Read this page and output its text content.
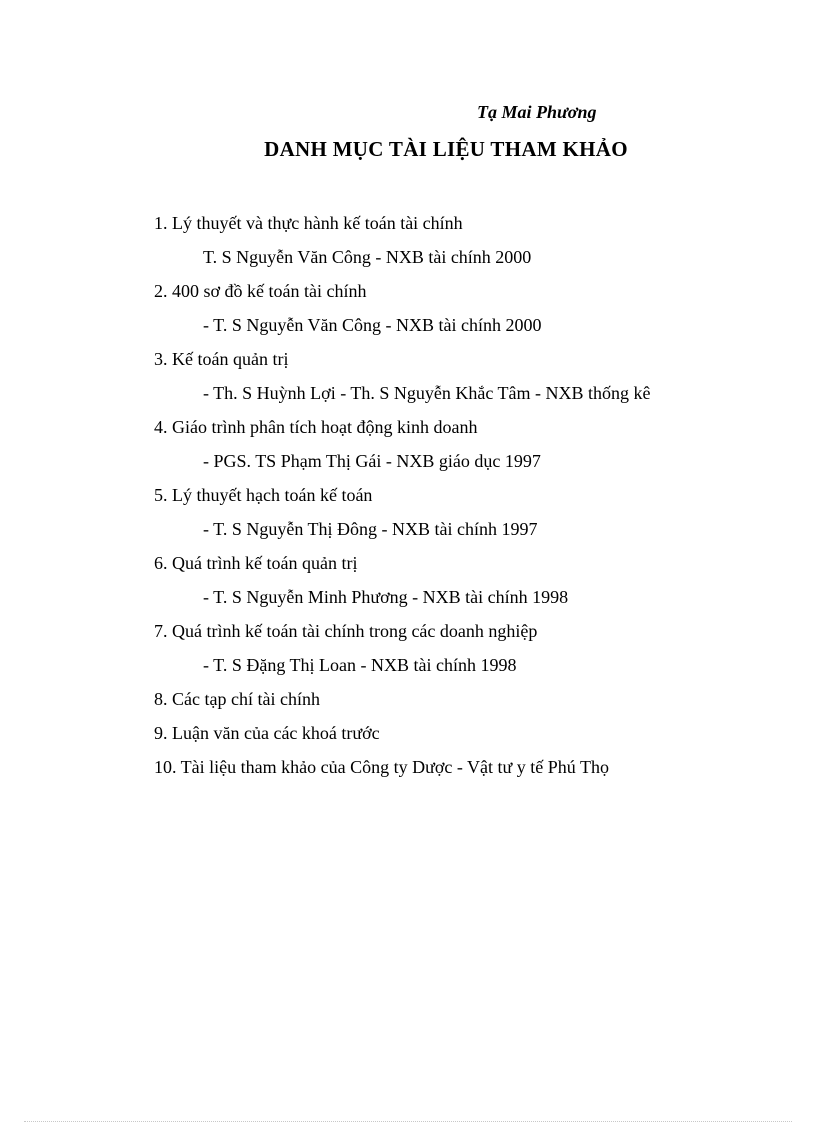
Tạ Mai Phương
DANH MỤC TÀI LIỆU THAM KHẢO
1. Lý thuyết và thực hành kế toán tài chính
T. S Nguyễn Văn Công - NXB tài chính 2000
2. 400 sơ đồ kế toán tài chính
- T. S Nguyễn Văn Công - NXB tài chính 2000
3. Kế toán quản trị
- Th. S Huỳnh Lợi - Th. S Nguyễn Khắc Tâm - NXB thống kê
4. Giáo trình phân tích hoạt động kinh doanh
- PGS. TS Phạm Thị Gái - NXB giáo dục 1997
5. Lý thuyết hạch toán kế toán
- T. S Nguyễn Thị Đông - NXB tài chính 1997
6. Quá trình kế toán quản trị
- T. S Nguyễn Minh Phương - NXB tài chính 1998
7. Quá trình kế toán tài chính trong các doanh nghiệp
- T. S Đặng Thị Loan - NXB tài chính 1998
8. Các tạp chí tài chính
9. Luận văn của các khoá trước
10. Tài liệu tham khảo của Công ty Dược - Vật tư y tế Phú Thọ
